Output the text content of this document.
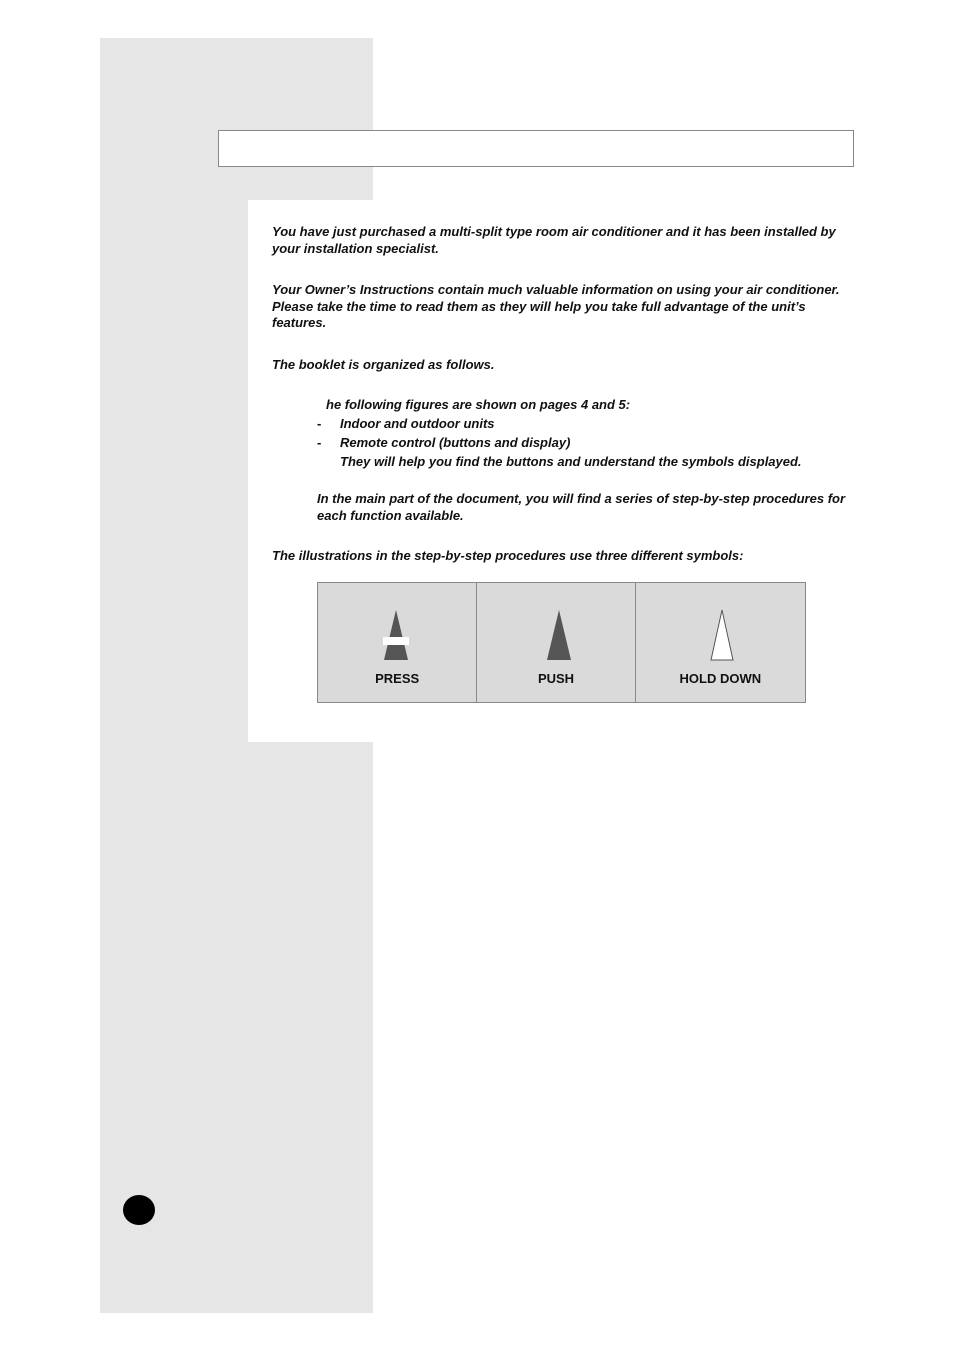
You have just purchased a multi-split type room air conditioner and it has been installed by your installation specialist.

Your Owner’s Instructions contain much valuable information on using your air conditioner. Please take the time to read them as they will help you take full advantage of the unit’s features.

The booklet is organized as follows.

he following figures are shown on pages 4 and 5:

- Indoor and outdoor units
- Remote control (buttons and display)
They will help you find the buttons and understand the symbols displayed.

In the main part of the document, you will find a series of step-by-step procedures for each function available.

The illustrations in the step-by-step procedures use three different symbols:

PRESS	PUSH	HOLD DOWN
